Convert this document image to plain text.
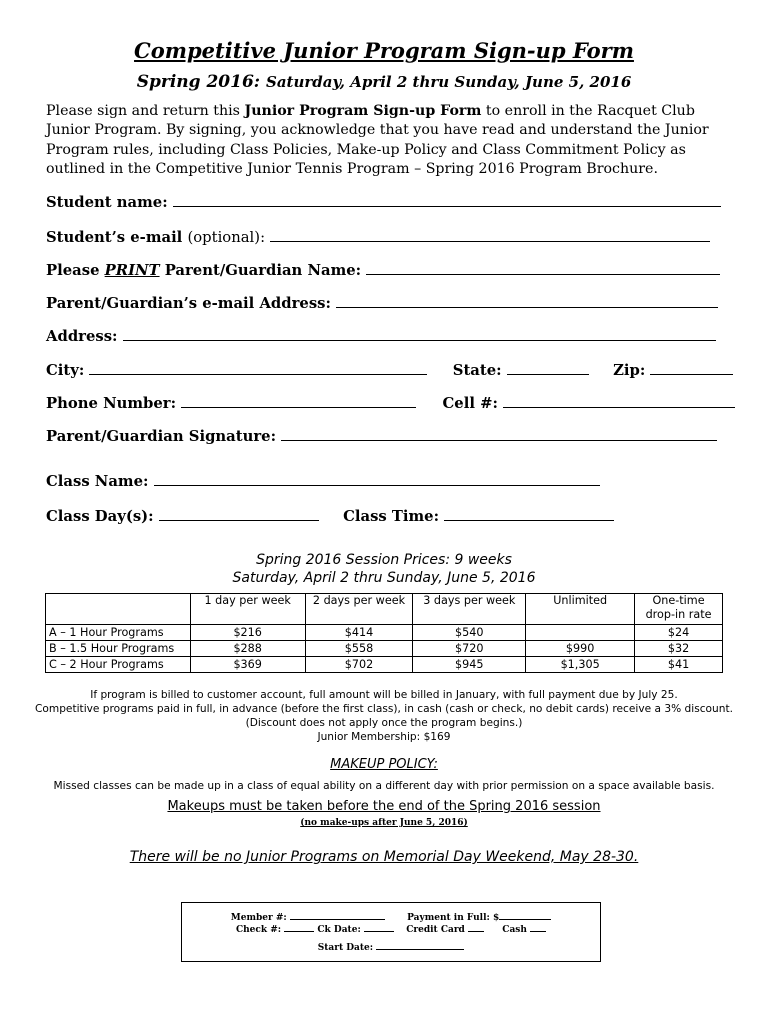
Competitive Junior Program Sign-up Form
Spring 2016: Saturday, April 2 thru Sunday, June 5, 2016
Please sign and return this Junior Program Sign-up Form to enroll in the Racquet Club Junior Program. By signing, you acknowledge that you have read and understand the Junior Program rules, including Class Policies, Make-up Policy and Class Commitment Policy as outlined in the Competitive Junior Tennis Program – Spring 2016 Program Brochure.
Student name:
Student’s e-mail (optional):
Please PRINT Parent/Guardian Name:
Parent/Guardian’s e-mail Address:
Address:
City:	State:	Zip:
Phone Number:	Cell #:
Parent/Guardian Signature:
Class Name:
Class Day(s):	Class Time:
Spring 2016 Session Prices: 9 weeks
Saturday, April 2 thru Sunday, June 5, 2016
	1 day per week	2 days per week	3 days per week	Unlimited	One-time drop-in rate
A – 1 Hour Programs	$216	$414	$540		$24
B – 1.5 Hour Programs	$288	$558	$720	$990	$32
C – 2 Hour Programs	$369	$702	$945	$1,305	$41
If program is billed to customer account, full amount will be billed in January, with full payment due by July 25.
Competitive programs paid in full, in advance (before the first class), in cash (cash or check, no debit cards) receive a 3% discount.
(Discount does not apply once the program begins.)
Junior Membership: $169
MAKEUP POLICY:
Missed classes can be made up in a class of equal ability on a different day with prior permission on a space available basis.
Makeups must be taken before the end of the Spring 2016 session
(no make-ups after June 5, 2016)
There will be no Junior Programs on Memorial Day Weekend, May 28-30.
Member #:	Payment in Full: $
Check #:	Ck Date:	Credit Card	Cash
Start Date:
